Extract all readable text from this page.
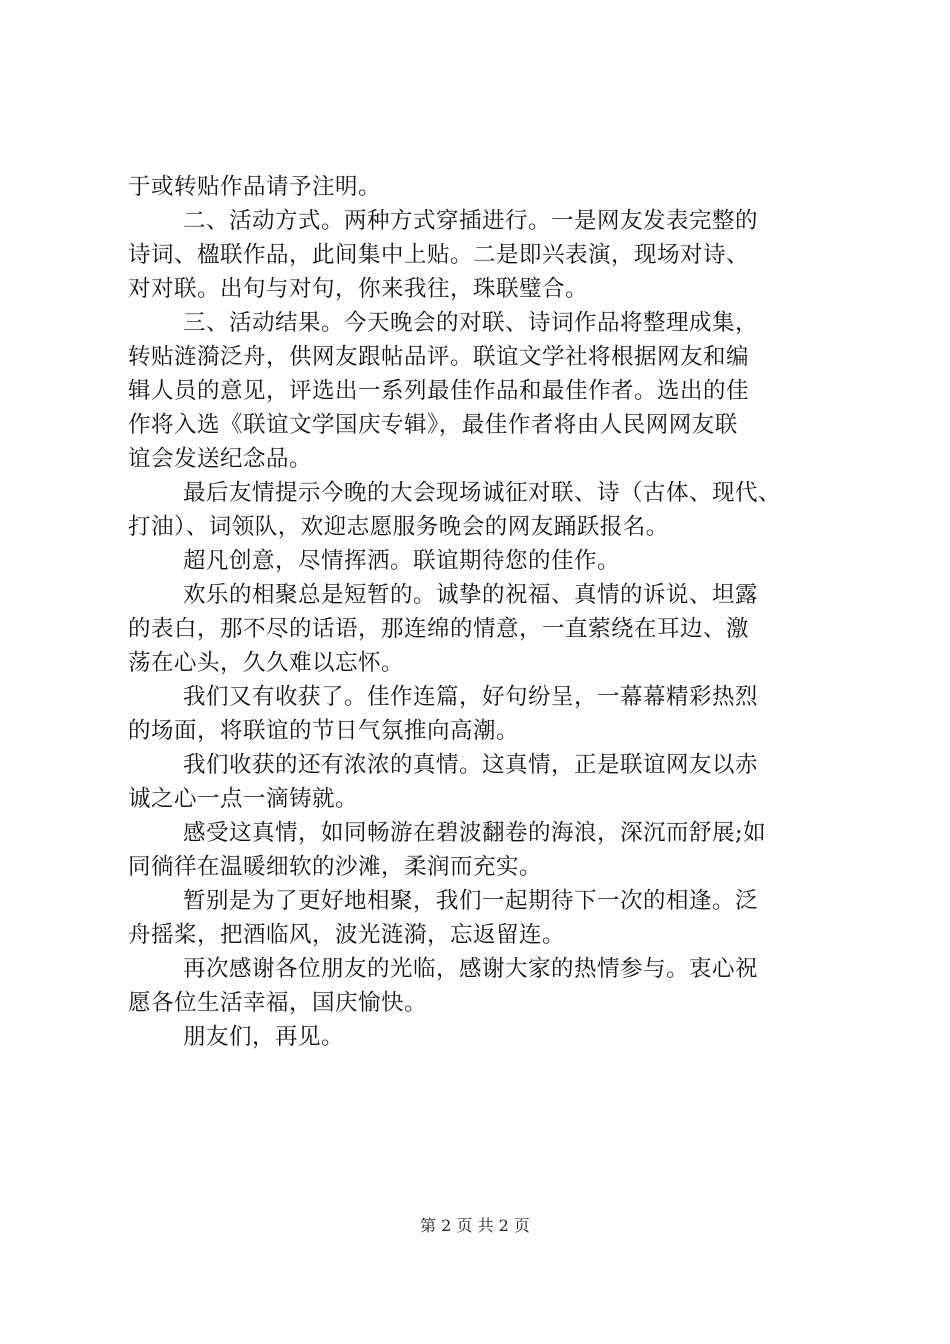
于或转贴作品请予注明。
二、活动方式。两种方式穿插进行。一是网友发表完整的
诗词、楹联作品，此间集中上贴。二是即兴表演，现场对诗、
对对联。出句与对句，你来我往，珠联璧合。
三、活动结果。今天晚会的对联、诗词作品将整理成集，
转贴涟漪泛舟，供网友跟帖品评。联谊文学社将根据网友和编
辑人员的意见，评选出一系列最佳作品和最佳作者。选出的佳
作将入选《联谊文学国庆专辑》，最佳作者将由人民网网友联
谊会发送纪念品。
最后友情提示今晚的大会现场诚征对联、诗（古体、现代、
打油）、词领队，欢迎志愿服务晚会的网友踊跃报名。
超凡创意，尽情挥洒。联谊期待您的佳作。
欢乐的相聚总是短暂的。诚挚的祝福、真情的诉说、坦露
的表白，那不尽的话语，那连绵的情意，一直萦绕在耳边、激
荡在心头，久久难以忘怀。
我们又有收获了。佳作连篇，好句纷呈，一幕幕精彩热烈
的场面，将联谊的节日气氛推向高潮。
我们收获的还有浓浓的真情。这真情，正是联谊网友以赤
诚之心一点一滴铸就。
感受这真情，如同畅游在碧波翻卷的海浪，深沉而舒展;如
同徜徉在温暖细软的沙滩，柔润而充实。
暂别是为了更好地相聚，我们一起期待下一次的相逢。泛
舟摇桨，把酒临风，波光涟漪，忘返留连。
再次感谢各位朋友的光临，感谢大家的热情参与。衷心祝
愿各位生活幸福，国庆愉快。
朋友们，再见。
第 2 页 共 2 页
